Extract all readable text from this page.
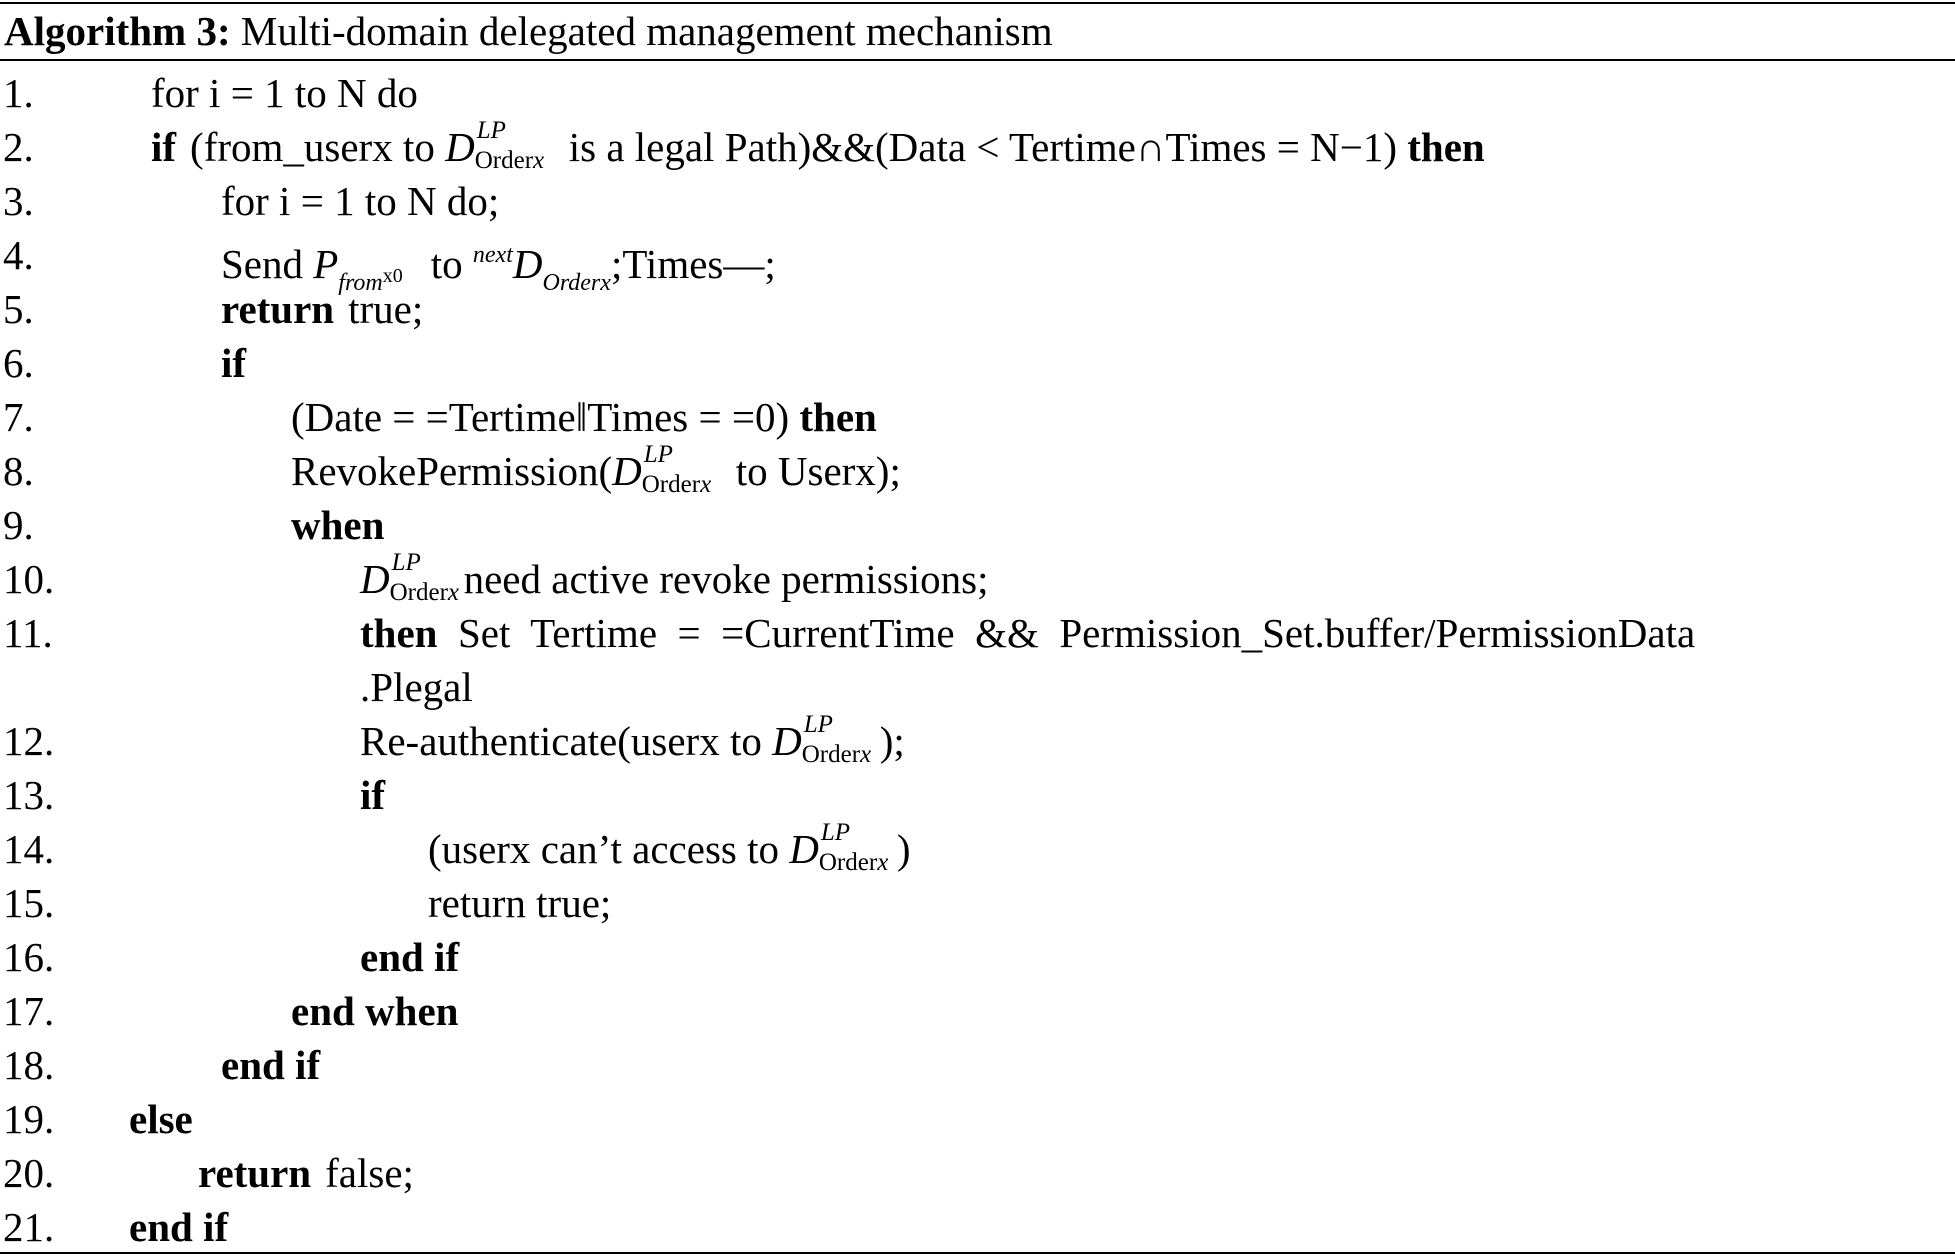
Algorithm 3: Multi-domain delegated management mechanism
1.	for i = 1 to N do
2.	if (from_userx to D LP
Orderx is a legal Path)&&(Data < Tertime∩Times = N−1) then
3.	for i = 1 to N do;
4.	Send $P_{fromx0}$ to $^{next}D_{Orderx};Times—$;
5.	return true;
6.	if
7.	(Date = =Tertime‖Times = =0) then
8.	RevokePermission(D LP
Orderx to Userx);
9.	when
10.	D LP
Orderx need active revoke permissions;
11.	then Set  Tertime  =  =CurrentTime  &&  Permission_Set.buffer/PermissionData
.Plegal
12.	Re-authenticate(userx to D LP
Orderx );
13.	if
14.	(userx can’t access to D LP
Orderx )
15.	return true;
16.	end if
17.	end when
18.	end if
19. else
20.	return false;
21. end if
